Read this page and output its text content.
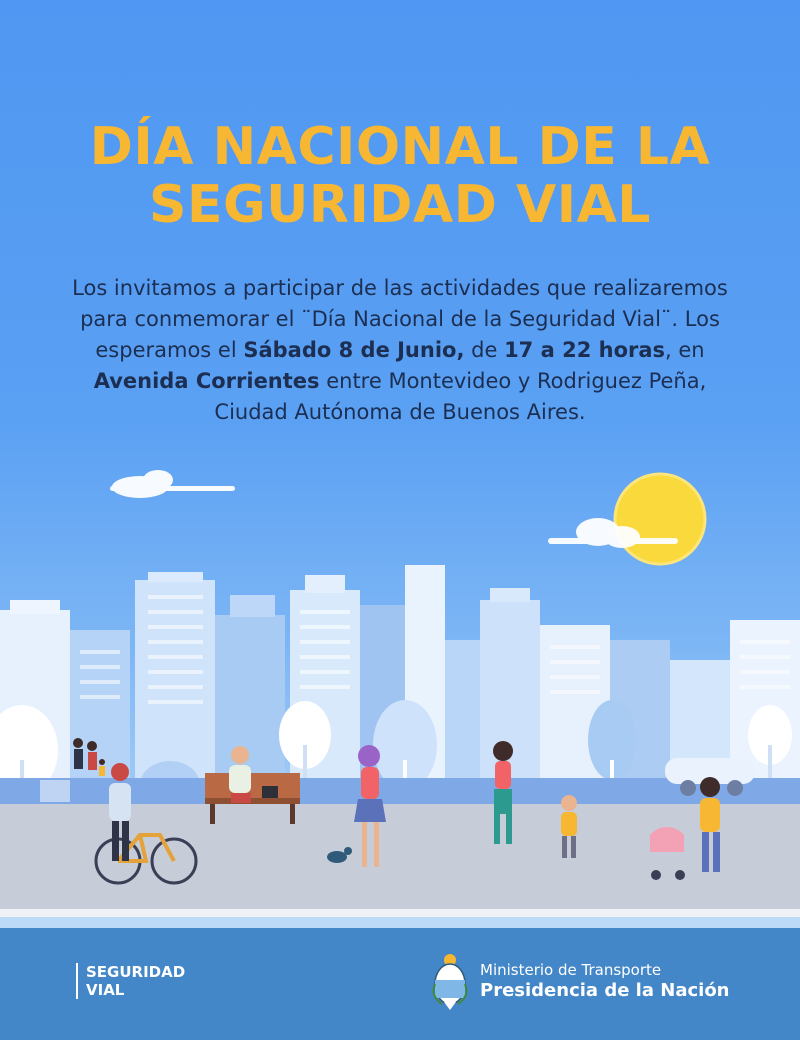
DÍA NACIONAL DE LA
SEGURIDAD VIAL

Los invitamos a participar de las actividades que realizaremos para conmemorar el ¨Día Nacional de la Seguridad Vial¨. Los esperamos el Sábado 8 de Junio, de 17 a 22 horas, en Avenida Corrientes entre Montevideo y Rodriguez Peña, Ciudad Autónoma de Buenos Aires.

SEGURIDAD
VIAL
Ministerio de Transporte
Presidencia de la Nación
